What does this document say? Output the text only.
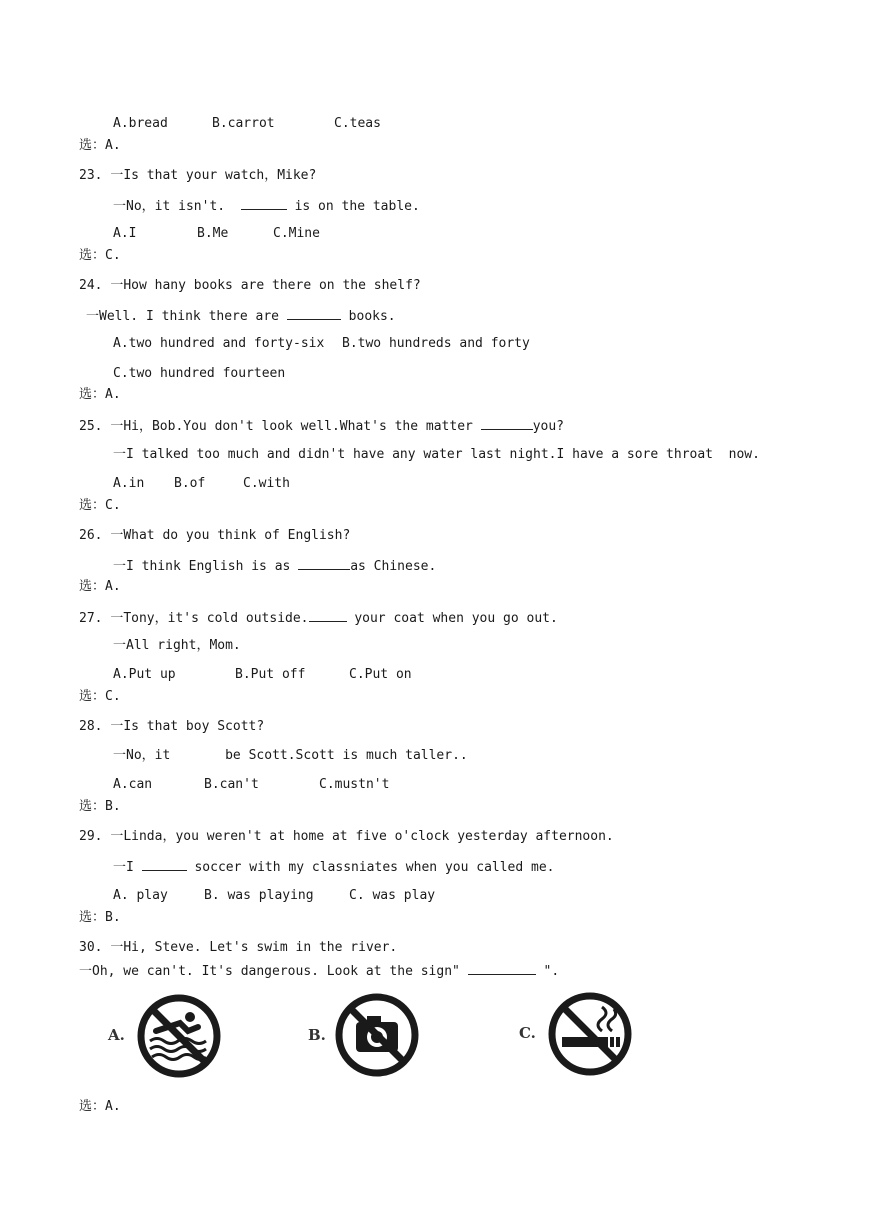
A.bread	B.carrot	C.teas
选：A.
23. 一Is that your watch，Mike?
一No，it isn't.	is on the table.
A.I	B.Me	C.Mine
选：C.
24. 一How hany books are there on the shelf?
一Well. I think there are	books.
A.two hundred and forty-six B.two hundreds and forty
C.two hundred fourteen
选：A.
25. 一Hi，Bob.You don't look well.What's the matter	you?
一I talked too much and didn't have any water last night.I have a sore throat  now.
A.in B.of	C.with
选：C.
26. 一What do you think of English?
一I think English is as	as Chinese.
选：A.
27. 一Tony，it's cold outside.	your coat when you go out.
一All right，Mom.
A.Put up	B.Put off	C.Put on
选：C.
28. 一Is that boy Scott?
一No，it	be Scott.Scott is much taller..
A.can	B.can't	C.mustn't
选：B.
29. 一Linda，you weren't at home at five o'clock yesterday afternoon.
一I	soccer with my classniates when you called me.
A. play	B. was playing	C. was play
选：B.
30. 一Hi, Steve. Let's swim in the river.
一Oh, we can't. It's dangerous. Look at the sign"	".
A.	B.	C.
选：A.
